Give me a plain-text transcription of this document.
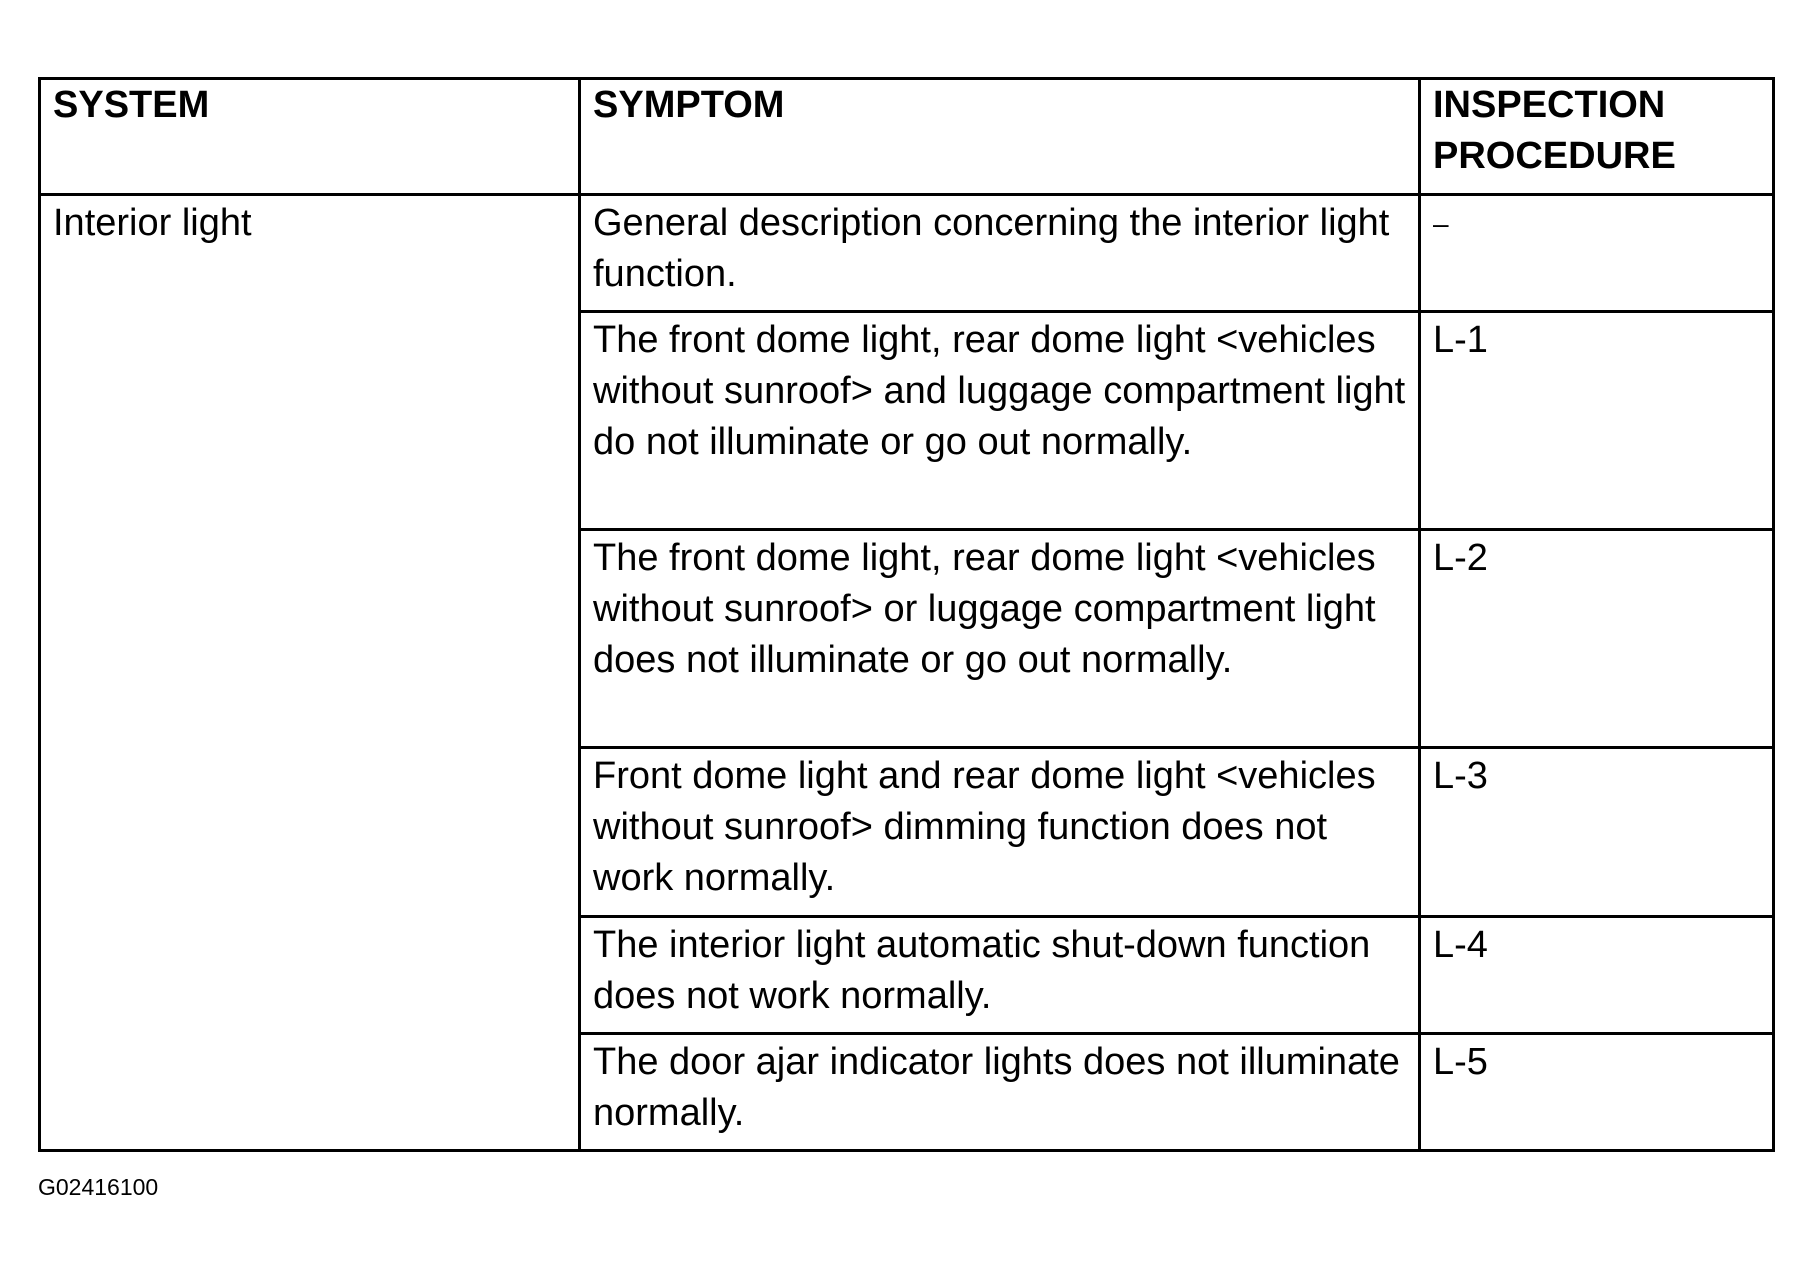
SYSTEM	SYMPTOM	INSPECTION PROCEDURE
Interior light	General description concerning the interior light function.	–
	The front dome light, rear dome light <vehicles without sunroof> and luggage compartment light do not illuminate or go out normally.	L-1
	The front dome light, rear dome light <vehicles without sunroof> or luggage compartment light does not illuminate or go out normally.	L-2
	Front dome light and rear dome light <vehicles without sunroof> dimming function does not work normally.	L-3
	The interior light automatic shut-down function does not work normally.	L-4
	The door ajar indicator lights does not illuminate normally.	L-5
G02416100
